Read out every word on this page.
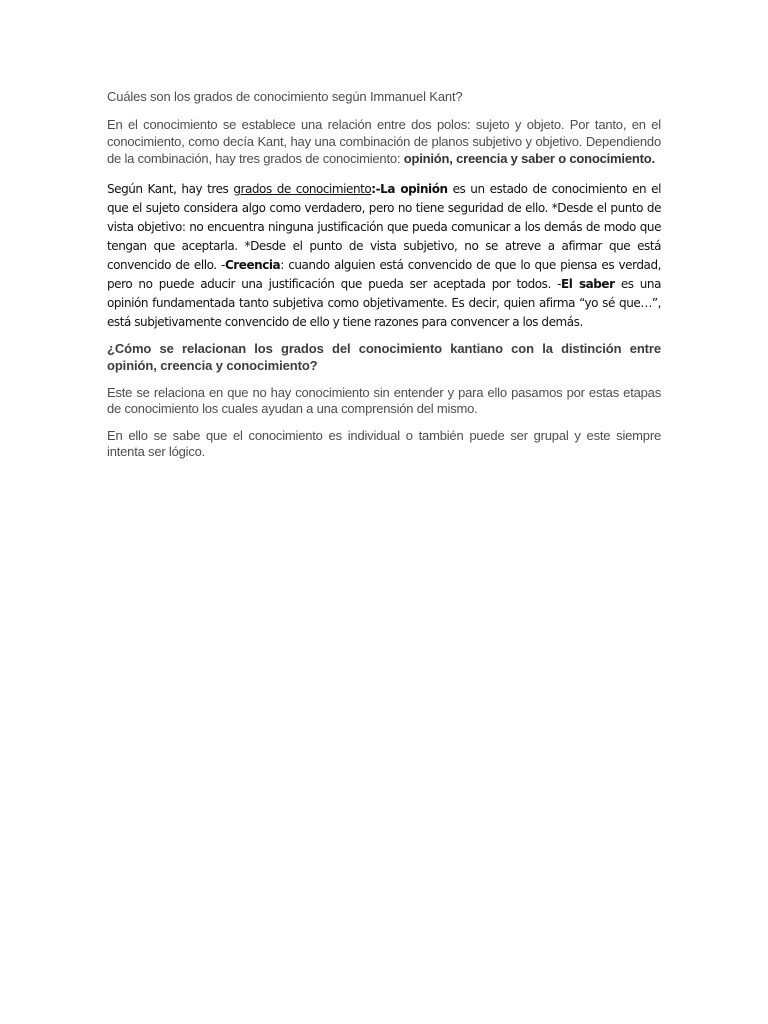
Cuáles son los grados de conocimiento según Immanuel Kant?

En el conocimiento se establece una relación entre dos polos: sujeto y objeto. Por tanto, en el conocimiento, como decía Kant, hay una combinación de planos subjetivo y objetivo. Dependiendo de la combinación, hay tres grados de conocimiento: opinión, creencia y saber o conocimiento.

Según Kant, hay tres grados de conocimiento:-La opinión es un estado de conocimiento en el que el sujeto considera algo como verdadero, pero no tiene seguridad de ello. *Desde el punto de vista objetivo: no encuentra ninguna justificación que pueda comunicar a los demás de modo que tengan que aceptarla. *Desde el punto de vista subjetivo, no se atreve a afirmar que está convencido de ello. -Creencia: cuando alguien está convencido de que lo que piensa es verdad, pero no puede aducir una justificación que pueda ser aceptada por todos. -El saber es una opinión fundamentada tanto subjetiva como objetivamente. Es decir, quien afirma “yo sé que…”, está subjetivamente convencido de ello y tiene razones para convencer a los demás.

¿Cómo se relacionan los grados del conocimiento kantiano con la distinción entre opinión, creencia y conocimiento?

Este se relaciona en que no hay conocimiento sin entender y para ello pasamos por estas etapas de conocimiento los cuales ayudan a una comprensión del mismo.

En ello se sabe que el conocimiento es individual o también puede ser grupal y este siempre intenta ser lógico.
